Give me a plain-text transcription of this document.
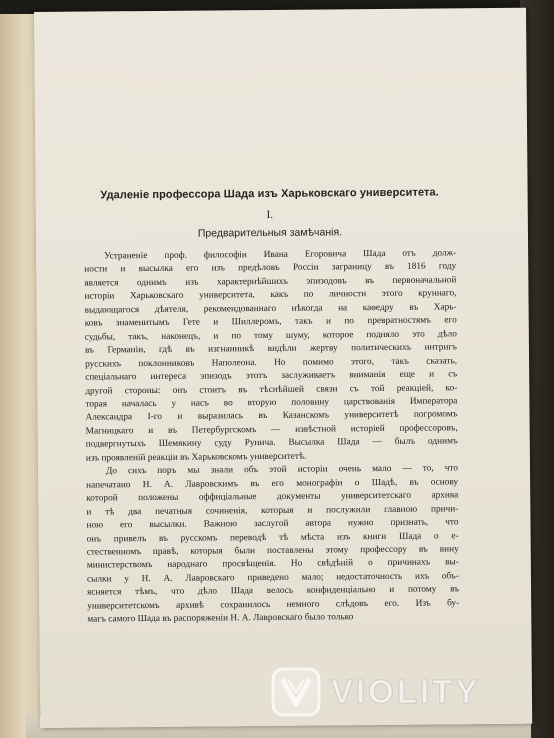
Удаленіе профессора Шада изъ Харьковскаго университета.

I.

Предварительныя замѣчанія.

Устраненіе проф. философіи Ивана Егоровича Шада отъ долж-
ности и высылка его изъ предѣловъ Россіи заграницу въ 1816 году
является однимъ изъ характернѣйшихъ эпизодовъ въ первоначальной
исторіи Харьковскаго университета, какъ по личности этого круннаго,
выдающагося дѣятеля, рекомендованнаго нѣкогда на каѳедру въ Харь-
ковъ знаменитымъ Гете и Шиллеромъ, такъ и по превратностямъ его
судьбы, такъ, наконецъ, и по тому шуму, которое подняло это дѣло
въ Германіи, гдѣ въ изгнанникѣ видѣли жертву политическихъ интригъ
русскихъ поклонниковъ Наполеона. Но помимо этого, такъ сказать,
спеціальнаго интереса эпизодъ этотъ заслуживаетъ вниманія еще и съ
другой стороны: онъ стоитъ въ тѣснѣйшей связи съ той реакціей, ко-
торая началась у насъ во вторую половину царствованія Императора
Александра I-го и выразилась въ Казанскомъ университетѣ погромомъ
Магницкаго и въ Петербургскомъ — извѣстной исторіей профессоровъ,
подвергнутыхъ Шемякину суду Рунича. Высылка Шада — былъ однимъ
изъ проявленій реакціи въ Харьковскомъ университетѣ.
До сихъ поръ мы знали объ этой исторіи очень мало — то, что
напечатано Н. А. Лавровскимъ въ его монографіи о Шадѣ, въ основу
которой положены оффиціальные документы университетскаго архива
и тѣ два печатныя сочиненія, которыя и послужили главною причи-
ною его высылки. Важною заслугой автора нужно признать, что
онъ привелъ въ русскомъ переводѣ тѣ мѣста изъ книги Шада о е-
стественномъ правѣ, которыя были поставлены этому профессору въ вину
министерствомъ народнаго просвѣщенія. Но свѣдѣній о причинахъ вы-
сылки у Н. А. Лавровскаго приведено мало; недостаточность ихъ объ-
ясняется тѣмъ, что дѣло Шада велось конфиденціально и потому въ
университетскомъ архивѣ сохранилось немного слѣдовъ его. Изъ бу-
магъ самого Шада въ распоряженіи Н. А. Лавровскаго было только
VIOLITY
